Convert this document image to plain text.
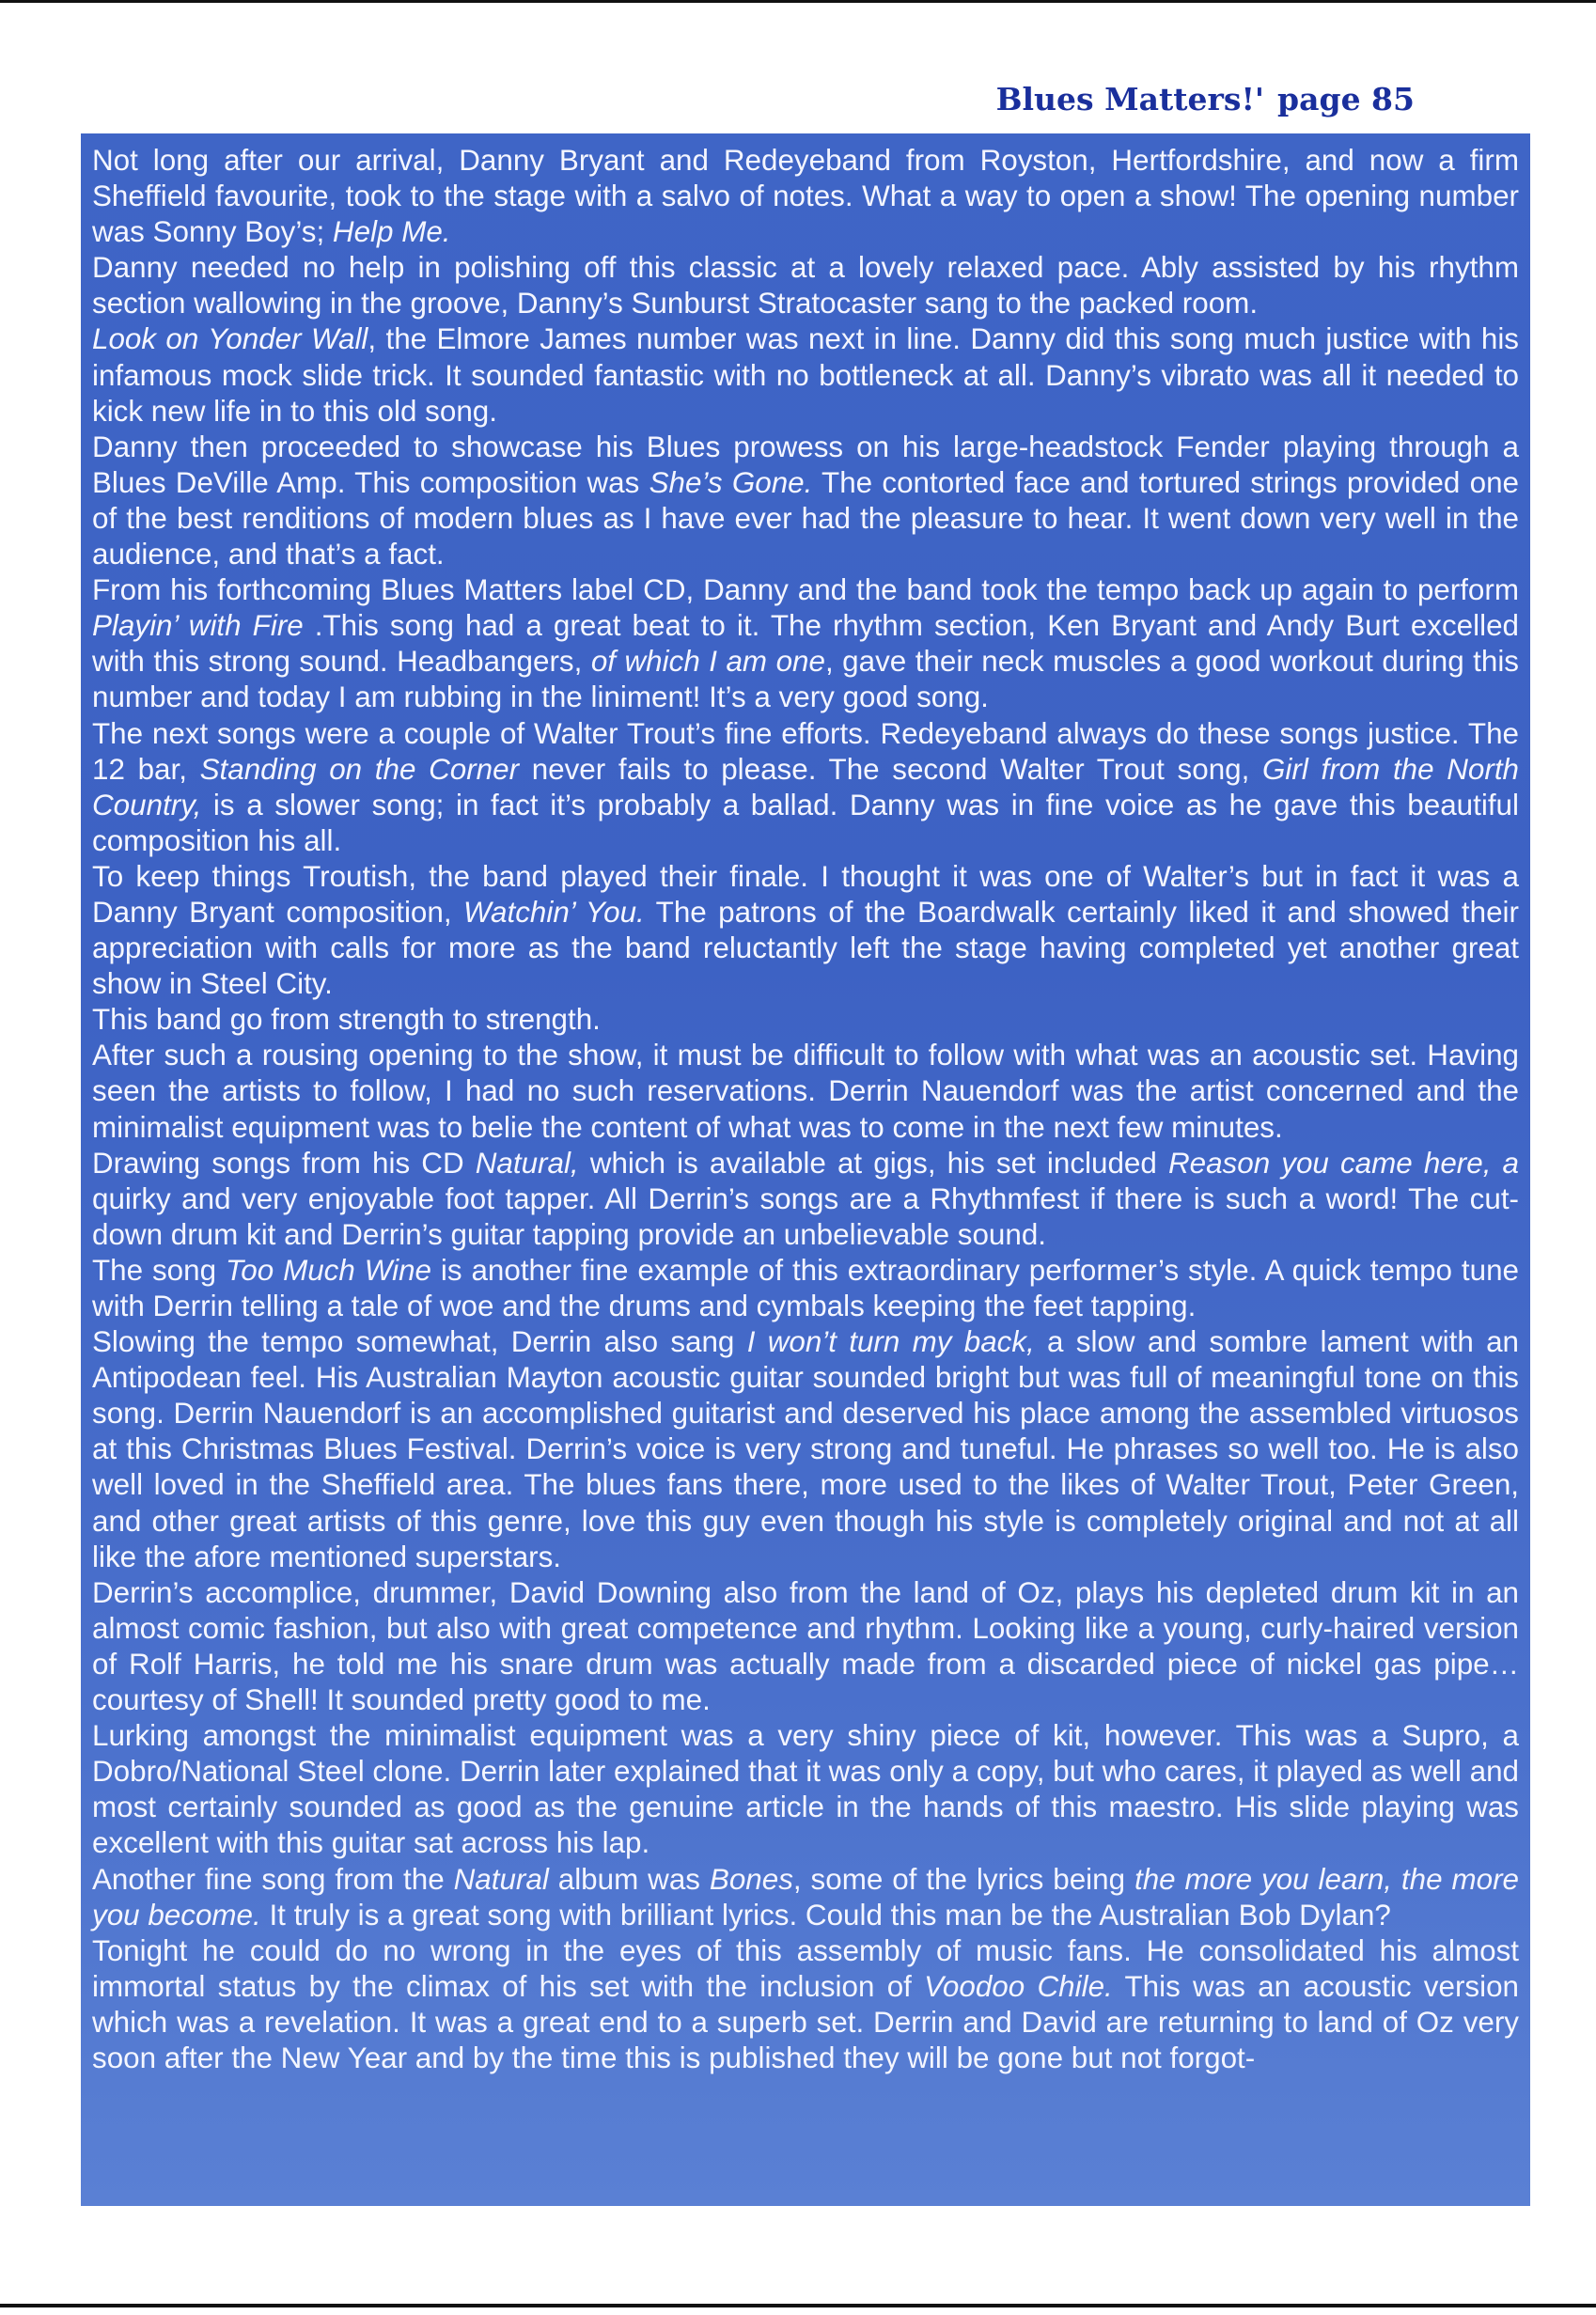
Blues Matters!' page 85

Not long after our arrival, Danny Bryant and Redeyeband from Royston, Hertfordshire, and now a firm Sheffield favourite, took to the stage with a salvo of notes. What a way to open a show! The opening number was Sonny Boy’s; Help Me.

Danny needed no help in polishing off this classic at a lovely relaxed pace. Ably assisted by his rhythm section wallowing in the groove, Danny’s Sunburst Stratocaster sang to the packed room.

Look on Yonder Wall, the Elmore James number was next in line. Danny did this song much justice with his infamous mock slide trick. It sounded fantastic with no bottleneck at all. Danny’s vibrato was all it needed to kick new life in to this old song.

Danny then proceeded to showcase his Blues prowess on his large-headstock Fender playing through a Blues DeVille Amp. This composition was She’s Gone. The contorted face and tortured strings provided one of the best renditions of modern blues as I have ever had the pleasure to hear. It went down very well in the audience, and that’s a fact.

From his forthcoming Blues Matters label CD, Danny and the band took the tempo back up again to perform Playin’ with Fire .This song had a great beat to it. The rhythm section, Ken Bryant and Andy Burt excelled with this strong sound. Headbangers, of which I am one, gave their neck muscles a good workout during this number and today I am rubbing in the liniment! It’s a very good song.

The next songs were a couple of Walter Trout’s fine efforts. Redeyeband always do these songs justice. The 12 bar, Standing on the Corner never fails to please. The second Walter Trout song, Girl from the North Country, is a slower song; in fact it’s probably a ballad. Danny was in fine voice as he gave this beautiful composition his all.

To keep things Troutish, the band played their finale. I thought it was one of Walter’s but in fact it was a Danny Bryant composition, Watchin’ You. The patrons of the Boardwalk certainly liked it and showed their appreciation with calls for more as the band reluctantly left the stage having completed yet another great show in Steel City.

This band go from strength to strength.

After such a rousing opening to the show, it must be difficult to follow with what was an acoustic set. Having seen the artists to follow, I had no such reservations. Derrin Nauendorf was the artist concerned and the minimalist equipment was to belie the content of what was to come in the next few minutes.

Drawing songs from his CD Natural, which is available at gigs, his set included Reason you came here, a quirky and very enjoyable foot tapper. All Derrin’s songs are a Rhythmfest if there is such a word! The cut-down drum kit and Derrin’s guitar tapping provide an unbelievable sound.

The song Too Much Wine is another fine example of this extraordinary performer’s style. A quick tempo tune with Derrin telling a tale of woe and the drums and cymbals keeping the feet tapping.

Slowing the tempo somewhat, Derrin also sang I won’t turn my back, a slow and sombre lament with an Antipodean feel. His Australian Mayton acoustic guitar sounded bright but was full of meaningful tone on this song. Derrin Nauendorf is an accomplished guitarist and deserved his place among the assembled virtuosos at this Christmas Blues Festival. Derrin’s voice is very strong and tuneful. He phrases so well too. He is also well loved in the Sheffield area. The blues fans there, more used to the likes of Walter Trout, Peter Green, and other great artists of this genre, love this guy even though his style is completely original and not at all like the afore mentioned superstars.

Derrin’s accomplice, drummer, David Downing also from the land of Oz, plays his depleted drum kit in an almost comic fashion, but also with great competence and rhythm. Looking like a young, curly-haired version of Rolf Harris, he told me his snare drum was actually made from a discarded piece of nickel gas pipe…courtesy of Shell! It sounded pretty good to me.

Lurking amongst the minimalist equipment was a very shiny piece of kit, however. This was a Supro, a Dobro/National Steel clone. Derrin later explained that it was only a copy, but who cares, it played as well and most certainly sounded as good as the genuine article in the hands of this maestro. His slide playing was excellent with this guitar sat across his lap.

Another fine song from the Natural album was Bones, some of the lyrics being the more you learn, the more you become. It truly is a great song with brilliant lyrics. Could this man be the Australian Bob Dylan?

Tonight he could do no wrong in the eyes of this assembly of music fans. He consolidated his almost immortal status by the climax of his set with the inclusion of Voodoo Chile. This was an acoustic version which was a revelation. It was a great end to a superb set. Derrin and David are returning to land of Oz very soon after the New Year and by the time this is published they will be gone but not forgot-
